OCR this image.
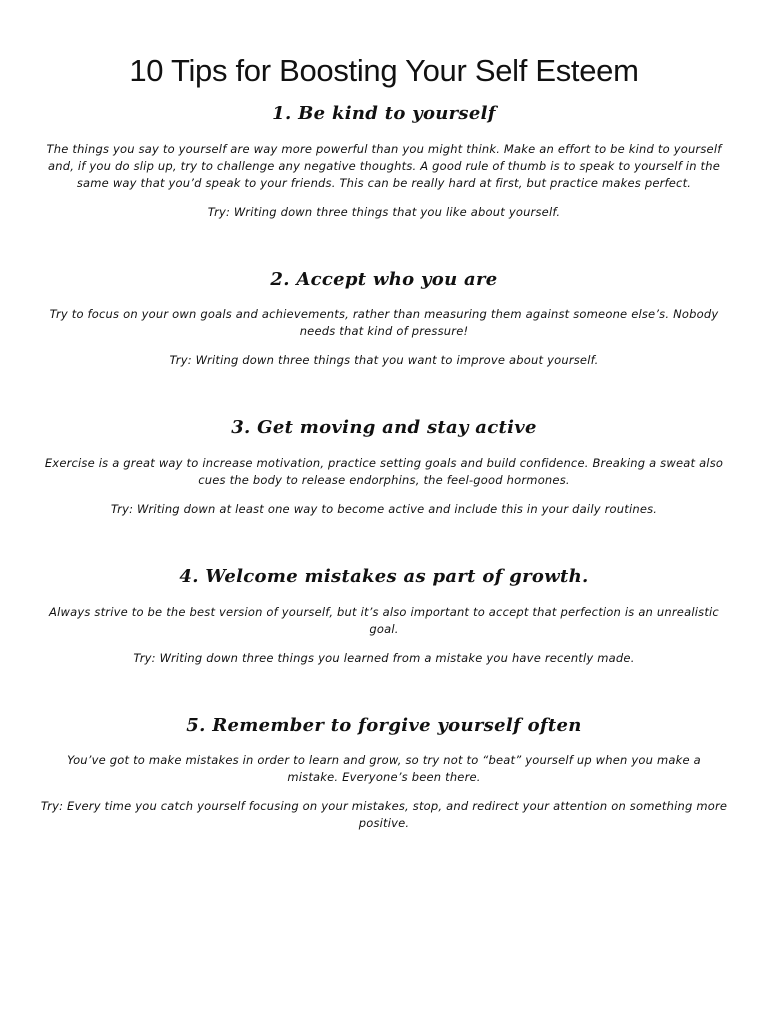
10 Tips for Boosting Your Self Esteem
1. Be kind to yourself

The things you say to yourself are way more powerful than you might think. Make an effort to be kind to yourself and, if you do slip up, try to challenge any negative thoughts. A good rule of thumb is to speak to yourself in the same way that you’d speak to your friends. This can be really hard at first, but practice makes perfect.

Try: Writing down three things that you like about yourself.

2. Accept who you are

Try to focus on your own goals and achievements, rather than measuring them against someone else’s. Nobody needs that kind of pressure!

Try: Writing down three things that you want to improve about yourself.

3. Get moving and stay active

Exercise is a great way to increase motivation, practice setting goals and build confidence. Breaking a sweat also cues the body to release endorphins, the feel-good hormones.

Try: Writing down at least one way to become active and include this in your daily routines.

4. Welcome mistakes as part of growth.

Always strive to be the best version of yourself, but it’s also important to accept that perfection is an unrealistic goal.

Try: Writing down three things you learned from a mistake you have recently made.

5. Remember to forgive yourself often

You’ve got to make mistakes in order to learn and grow, so try not to “beat” yourself up when you make a mistake. Everyone’s been there.

Try: Every time you catch yourself focusing on your mistakes, stop, and redirect your attention on something more positive.
